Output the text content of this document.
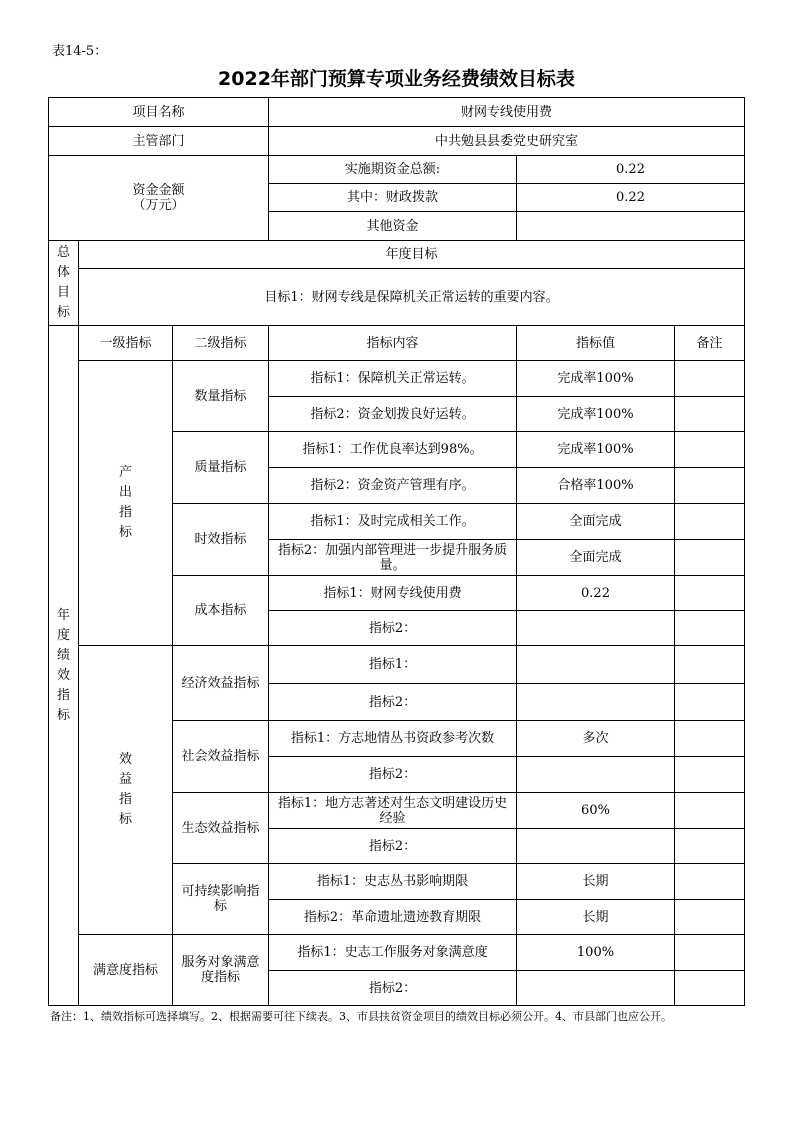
表14-5：
2022年部门预算专项业务经费绩效目标表
项目名称			财网专线使用费		
主管部门			中共勉县县委党史研究室		

资金金额
（万元）			实施期资金总额:	0.22	
			其中：财政拨款	0.22	
			其他资金		
总体目标	年度目标				
	目标1：财网专线是保障机关正常运转的重要内容。				
年度绩效指标	一级指标	二级指标	指标内容	指标值	备注
	产出指标	数量指标	指标1：保障机关正常运转。	完成率100%	
			指标2：资金划拨良好运转。	完成率100%	
		质量指标	指标1：工作优良率达到98%。	完成率100%	
			指标2：资金资产管理有序。	合格率100%	
		时效指标	指标1：及时完成相关工作。	全面完成	
			指标2：加强内部管理进一步提升服务质量。	全面完成	
		成本指标	指标1：财网专线使用费	0.22	
			指标2：		
	效益指标	经济效益指标	指标1：		
			指标2：		
		社会效益指标	指标1：方志地情丛书资政参考次数	多次	
			指标2：		
		生态效益指标	指标1：地方志著述对生态文明建设历史经验	60%	
			指标2：		
		可持续影响指标	指标1：史志丛书影响期限	长期	
			指标2：革命遗址遗迹教育期限	长期	
	满意度指标	服务对象满意度指标	指标1：史志工作服务对象满意度	100%	
			指标2：		
备注：1、绩效指标可选择填写。2、根据需要可往下续表。3、市县扶贫资金项目的绩效目标必须公开。4、市县部门也应公开。
